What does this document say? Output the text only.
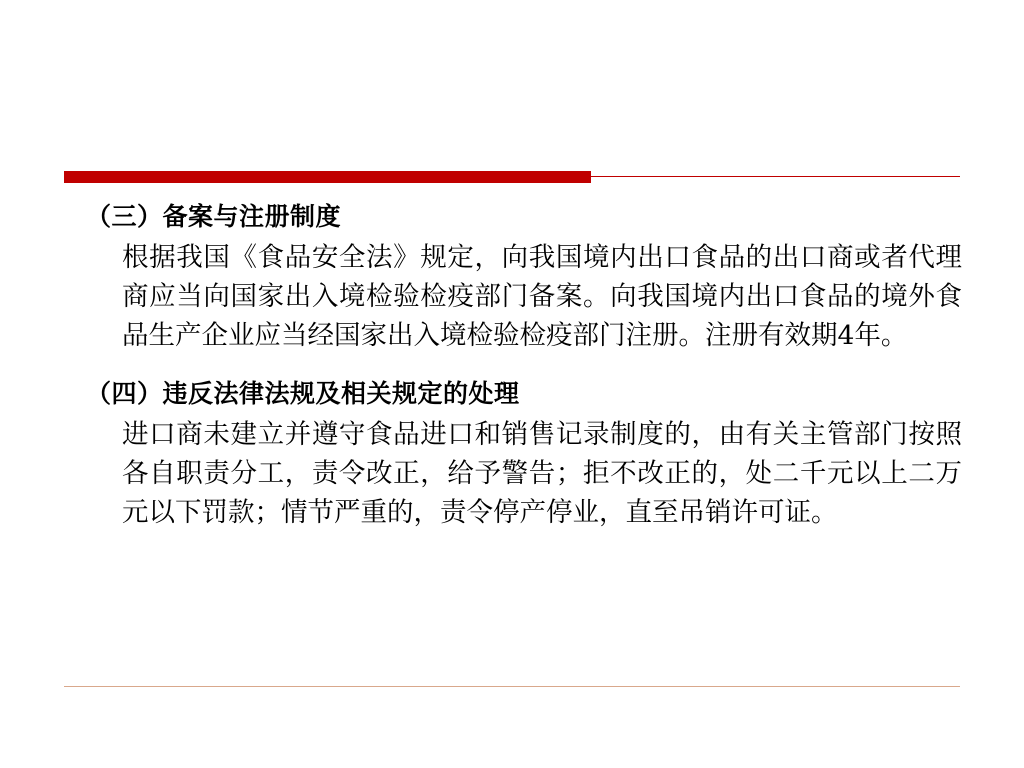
（三）备案与注册制度

根据我国《食品安全法》规定，向我国境内出口食品的出口商或者代理商应当向国家出入境检验检疫部门备案。向我国境内出口食品的境外食品生产企业应当经国家出入境检验检疫部门注册。注册有效期4年。

（四）违反法律法规及相关规定的处理

进口商未建立并遵守食品进口和销售记录制度的，由有关主管部门按照各自职责分工，责令改正，给予警告；拒不改正的，处二千元以上二万元以下罚款；情节严重的，责令停产停业，直至吊销许可证。
